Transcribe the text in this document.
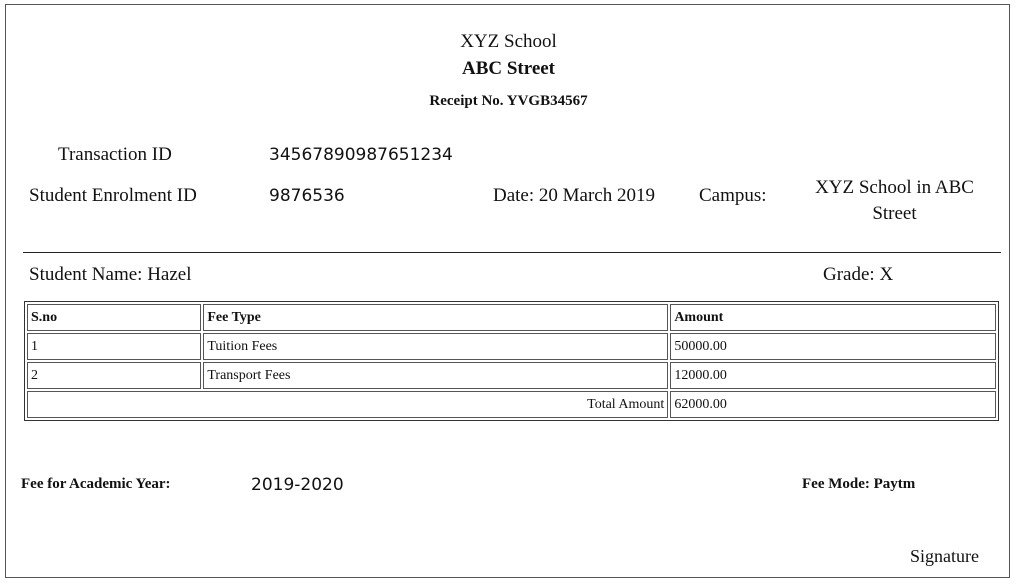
XYZ School
ABC Street
Receipt No. YVGB34567
Transaction ID	34567890987651234
Student Enrolment ID	9876536	Date: 20 March 2019 Campus:	XYZ School in ABC
Street
Student Name: Hazel	Grade: X
S.no	Fee Type	Amount
1	Tuition Fees	50000.00
2	Transport Fees	12000.00
Total Amount		62000.00
Fee for Academic Year:	2019-2020	Fee Mode: Paytm
Signature
